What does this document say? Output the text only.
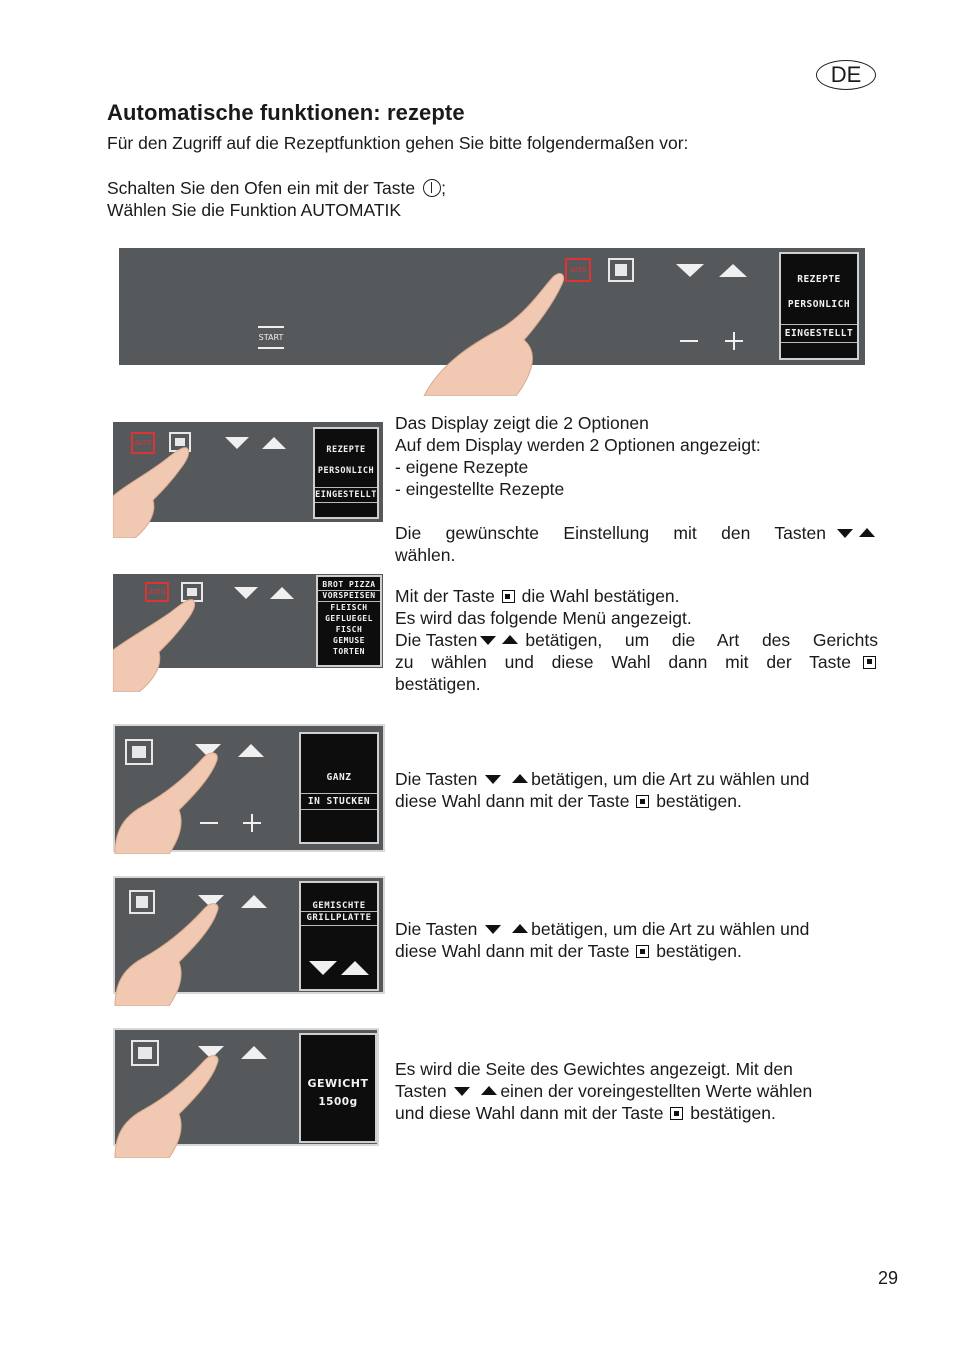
DE
Automatische funktionen: rezepte
Für den Zugriff auf die Rezeptfunktion gehen Sie bitte folgendermaßen vor:
Schalten Sie den Ofen ein mit der Taste ;
Wählen Sie die Funktion AUTOMATIK
START
AUTO
REZEPTE
PERSONLICH
EINGESTELLT
AUTO
REZEPTE
PERSONLICH
EINGESTELLT
AUTO
BROT PIZZA
VORSPEISEN
FLEISCH
GEFLUEGEL
FISCH
GEMUSE
TORTEN
GANZ
IN STUCKEN
GEMISCHTE
GRILLPLATTE
GEWICHT
1500g
Das Display zeigt die 2 Optionen
Auf dem Display werden 2 Optionen angezeigt:
- eigene Rezepte
- eingestellte Rezepte
Die gewünschte Einstellung mit den Tasten
wählen.
Mit der Taste die Wahl bestätigen.
Es wird das folgende Menü angezeigt.
Die Tasten	betätigen, um die Art des Gerichts
zu wählen und diese Wahl dann mit der Taste
bestätigen.
Die Tasten	betätigen, um die Art zu wählen und
diese Wahl dann mit der Taste bestätigen.
Die Tasten	betätigen, um die Art zu wählen und
diese Wahl dann mit der Taste bestätigen.
Es wird die Seite des Gewichtes angezeigt. Mit den
Tasten	einen der voreingestellten Werte wählen
und diese Wahl dann mit der Taste bestätigen.
29
